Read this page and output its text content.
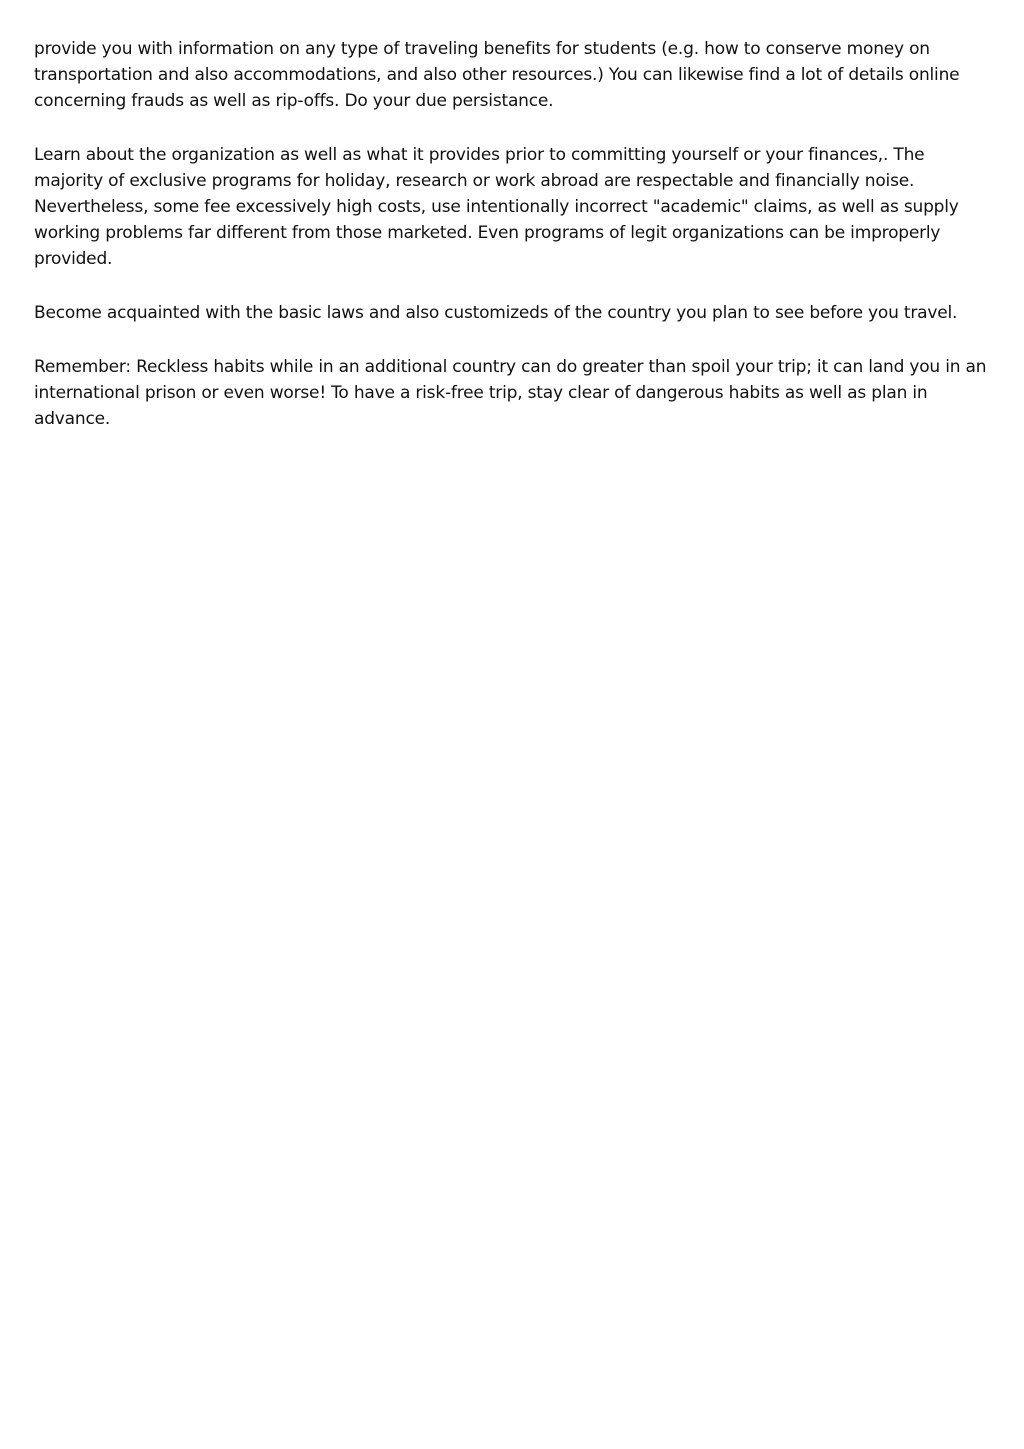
provide you with information on any type of traveling benefits for students (e.g. how to conserve money on transportation and also accommodations, and also other resources.) You can likewise find a lot of details online concerning frauds as well as rip-offs. Do your due persistance.

Learn about the organization as well as what it provides prior to committing yourself or your finances,. The majority of exclusive programs for holiday, research or work abroad are respectable and financially noise. Nevertheless, some fee excessively high costs, use intentionally incorrect "academic" claims, as well as supply working problems far different from those marketed. Even programs of legit organizations can be improperly provided.

Become acquainted with the basic laws and also customizeds of the country you plan to see before you travel.

Remember: Reckless habits while in an additional country can do greater than spoil your trip; it can land you in an international prison or even worse! To have a risk-free trip, stay clear of dangerous habits as well as plan in advance.
